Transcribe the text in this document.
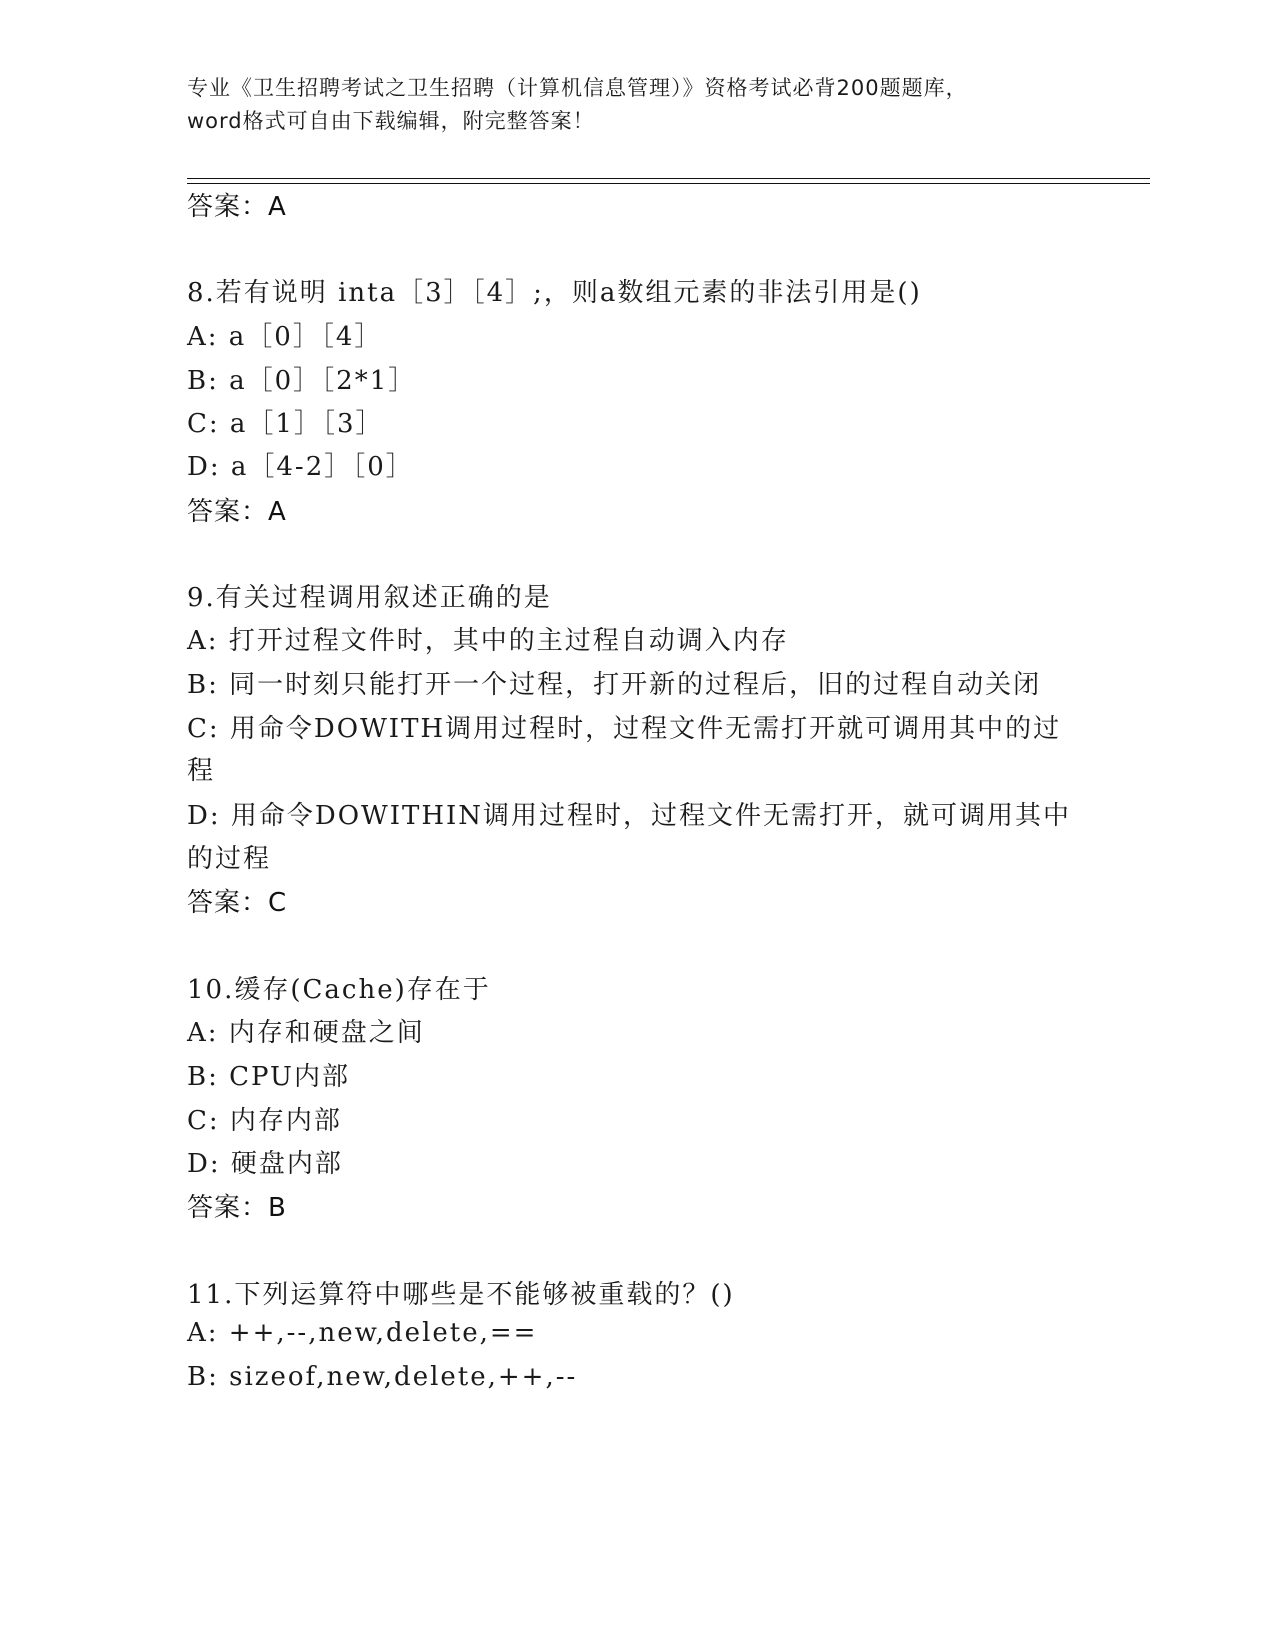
专业《卫生招聘考试之卫生招聘（计算机信息管理）》资格考试必背200题题库，
word格式可自由下载编辑，附完整答案！
答案：A
8.若有说明 inta［3］［4］;，则a数组元素的非法引用是()
A: a［0］［4］
B: a［0］［2*1］
C: a［1］［3］
D: a［4-2］［0］
答案：A
9.有关过程调用叙述正确的是
A: 打开过程文件时，其中的主过程自动调入内存
B: 同一时刻只能打开一个过程，打开新的过程后，旧的过程自动关闭
C: 用命令DOWITH调用过程时，过程文件无需打开就可调用其中的过
程
D: 用命令DOWITHIN调用过程时，过程文件无需打开，就可调用其中
的过程
答案：C
10.缓存(Cache)存在于
A: 内存和硬盘之间
B: CPU内部
C: 内存内部
D: 硬盘内部
答案：B
11.下列运算符中哪些是不能够被重载的？()
A: ++,--,new,delete,==
B: sizeof,new,delete,++,--
